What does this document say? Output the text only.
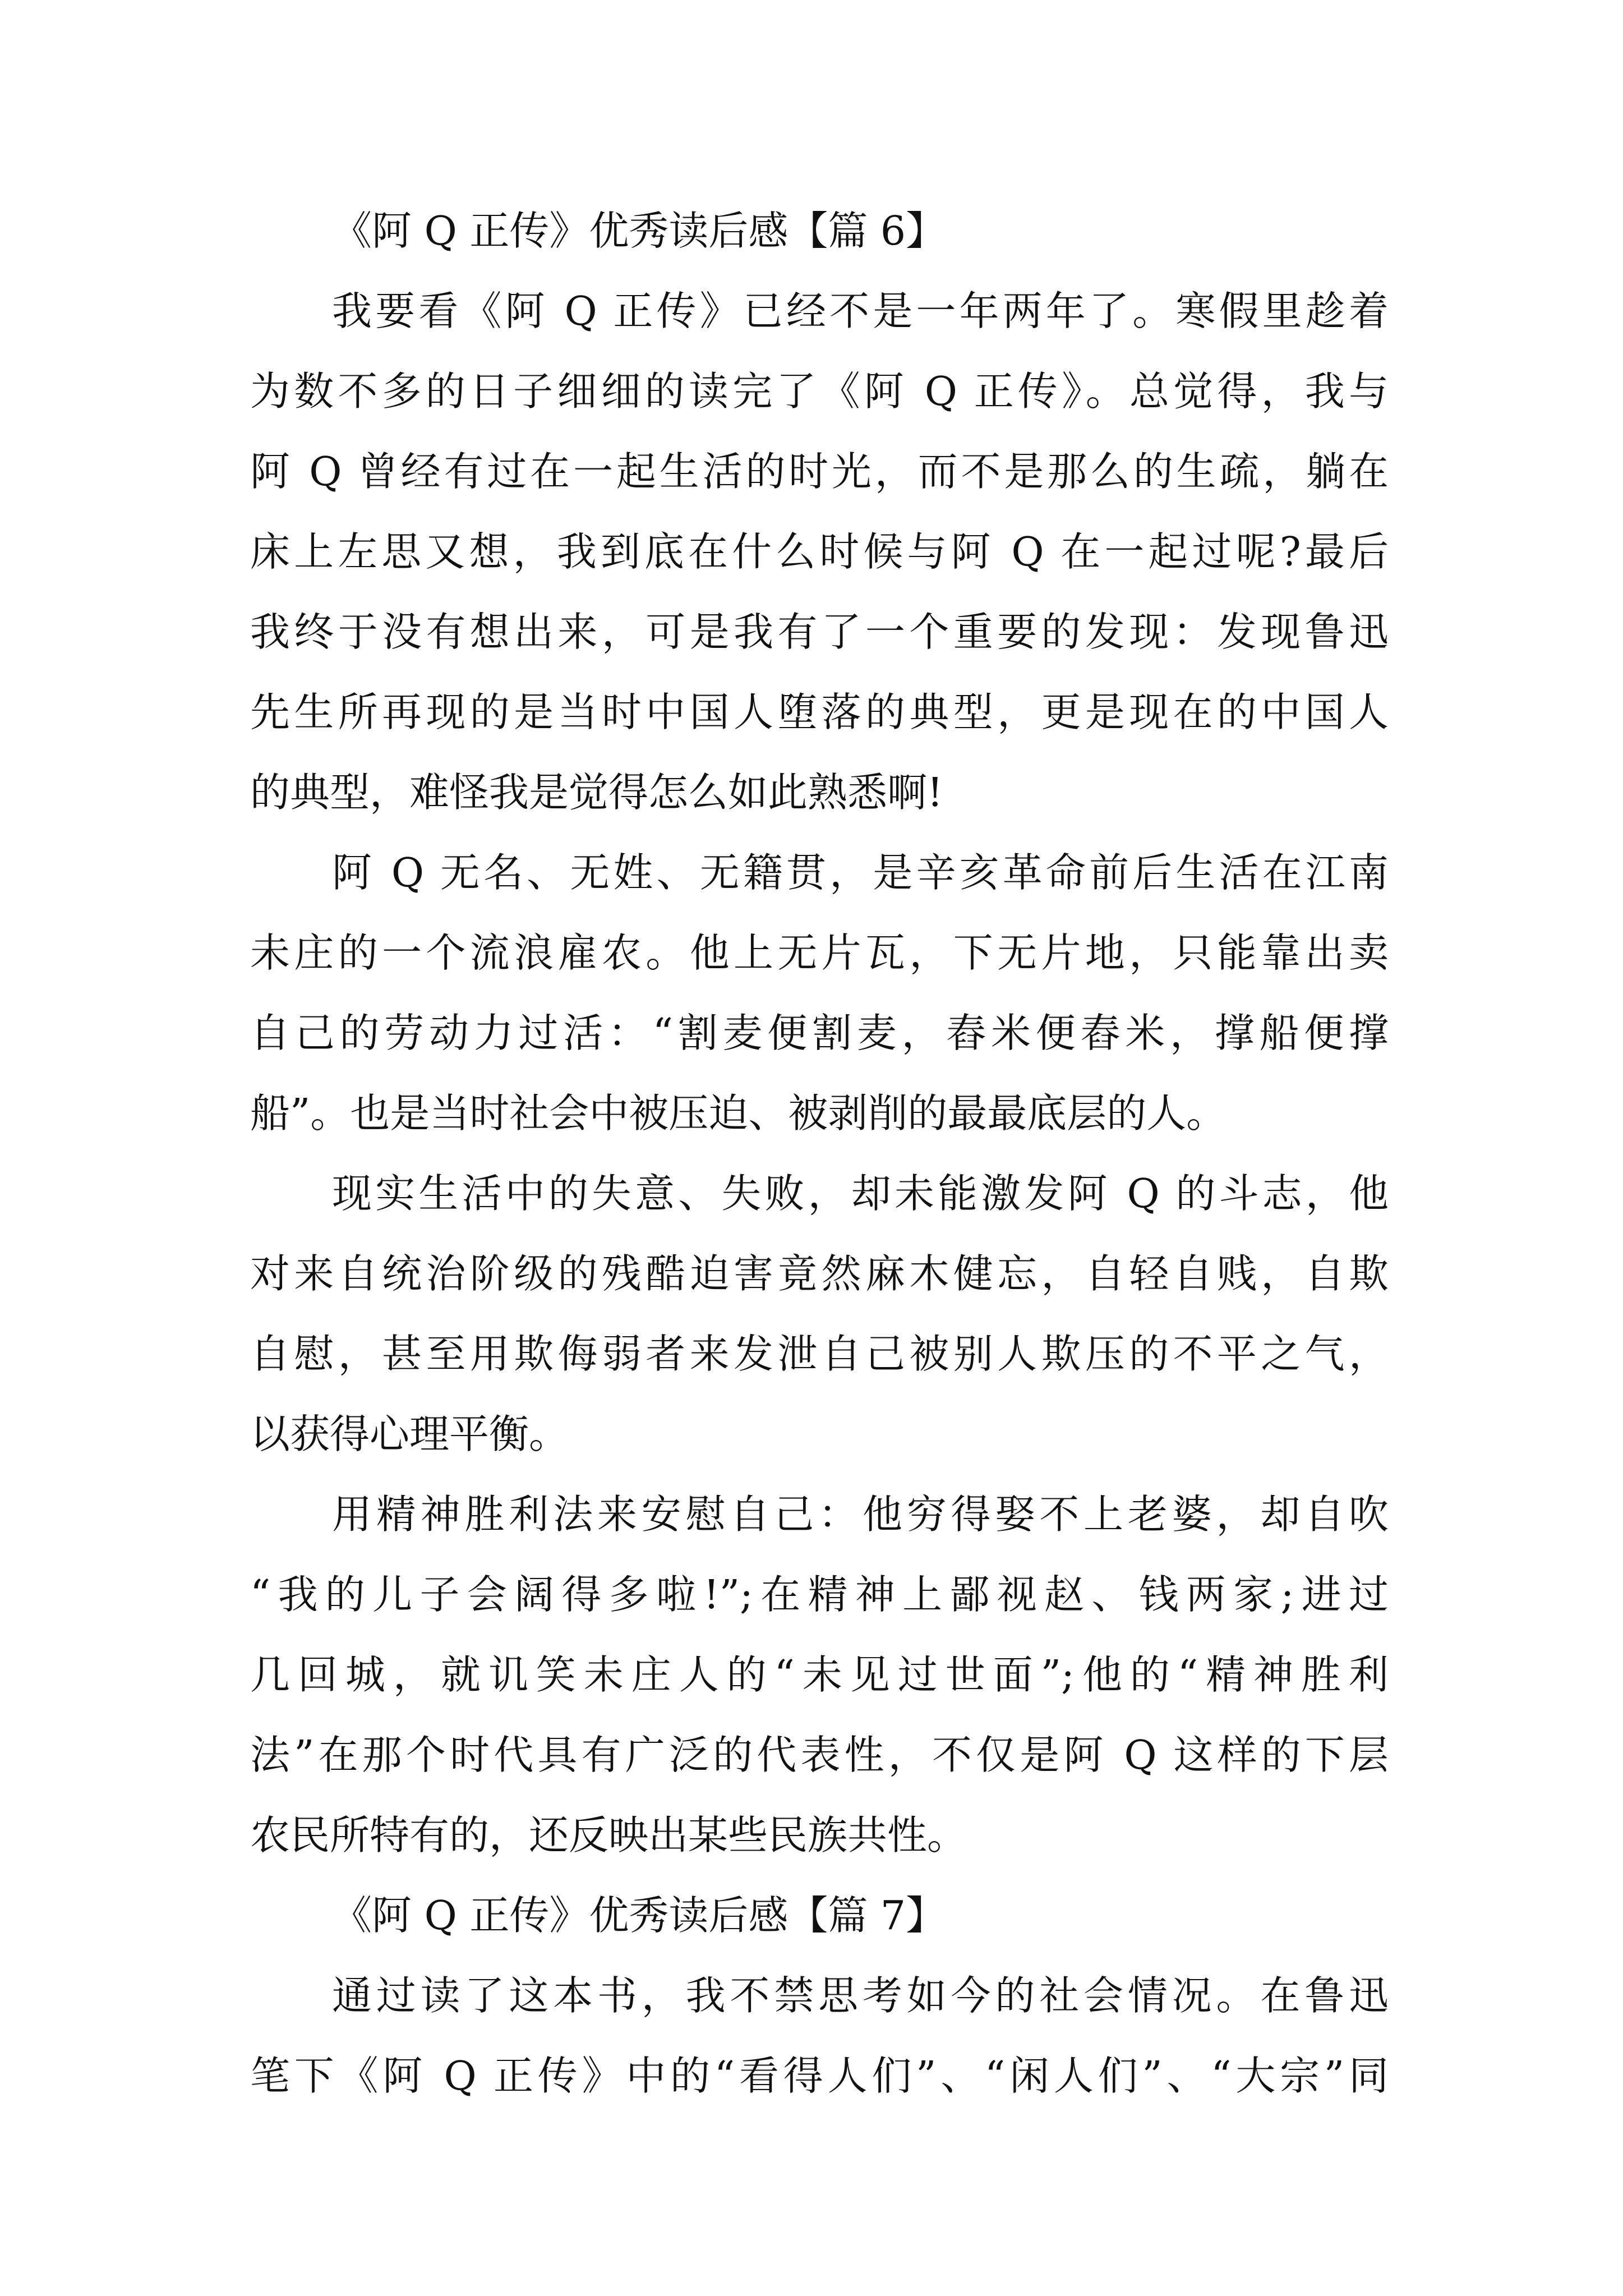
《阿 Q 正传》优秀读后感【篇 6】
我要看《阿 Q 正传》已经不是一年两年了。寒假里趁着
为数不多的日子细细的读完了《阿 Q 正传》。总觉得，我与
阿 Q 曾经有过在一起生活的时光，而不是那么的生疏，躺在
床上左思又想，我到底在什么时候与阿 Q 在一起过呢?最后
我终于没有想出来，可是我有了一个重要的发现：发现鲁迅
先生所再现的是当时中国人堕落的典型，更是现在的中国人
的典型，难怪我是觉得怎么如此熟悉啊!
阿 Q 无名、无姓、无籍贯，是辛亥革命前后生活在江南
未庄的一个流浪雇农。他上无片瓦，下无片地，只能靠出卖
自己的劳动力过活：“割麦便割麦，舂米便舂米，撑船便撑
船”。也是当时社会中被压迫、被剥削的最最底层的人。
现实生活中的失意、失败，却未能激发阿 Q 的斗志，他
对来自统治阶级的残酷迫害竟然麻木健忘，自轻自贱，自欺
自慰，甚至用欺侮弱者来发泄自己被别人欺压的不平之气，
以获得心理平衡。
用精神胜利法来安慰自己：他穷得娶不上老婆，却自吹
“我的儿子会阔得多啦!”;在精神上鄙视赵、钱两家;进过
几回城，就讥笑未庄人的“未见过世面”;他的“精神胜利
法”在那个时代具有广泛的代表性，不仅是阿 Q 这样的下层
农民所特有的，还反映出某些民族共性。
《阿 Q 正传》优秀读后感【篇 7】
通过读了这本书，我不禁思考如今的社会情况。在鲁迅
笔下《阿 Q 正传》中的“看得人们”、“闲人们”、“大宗”同
